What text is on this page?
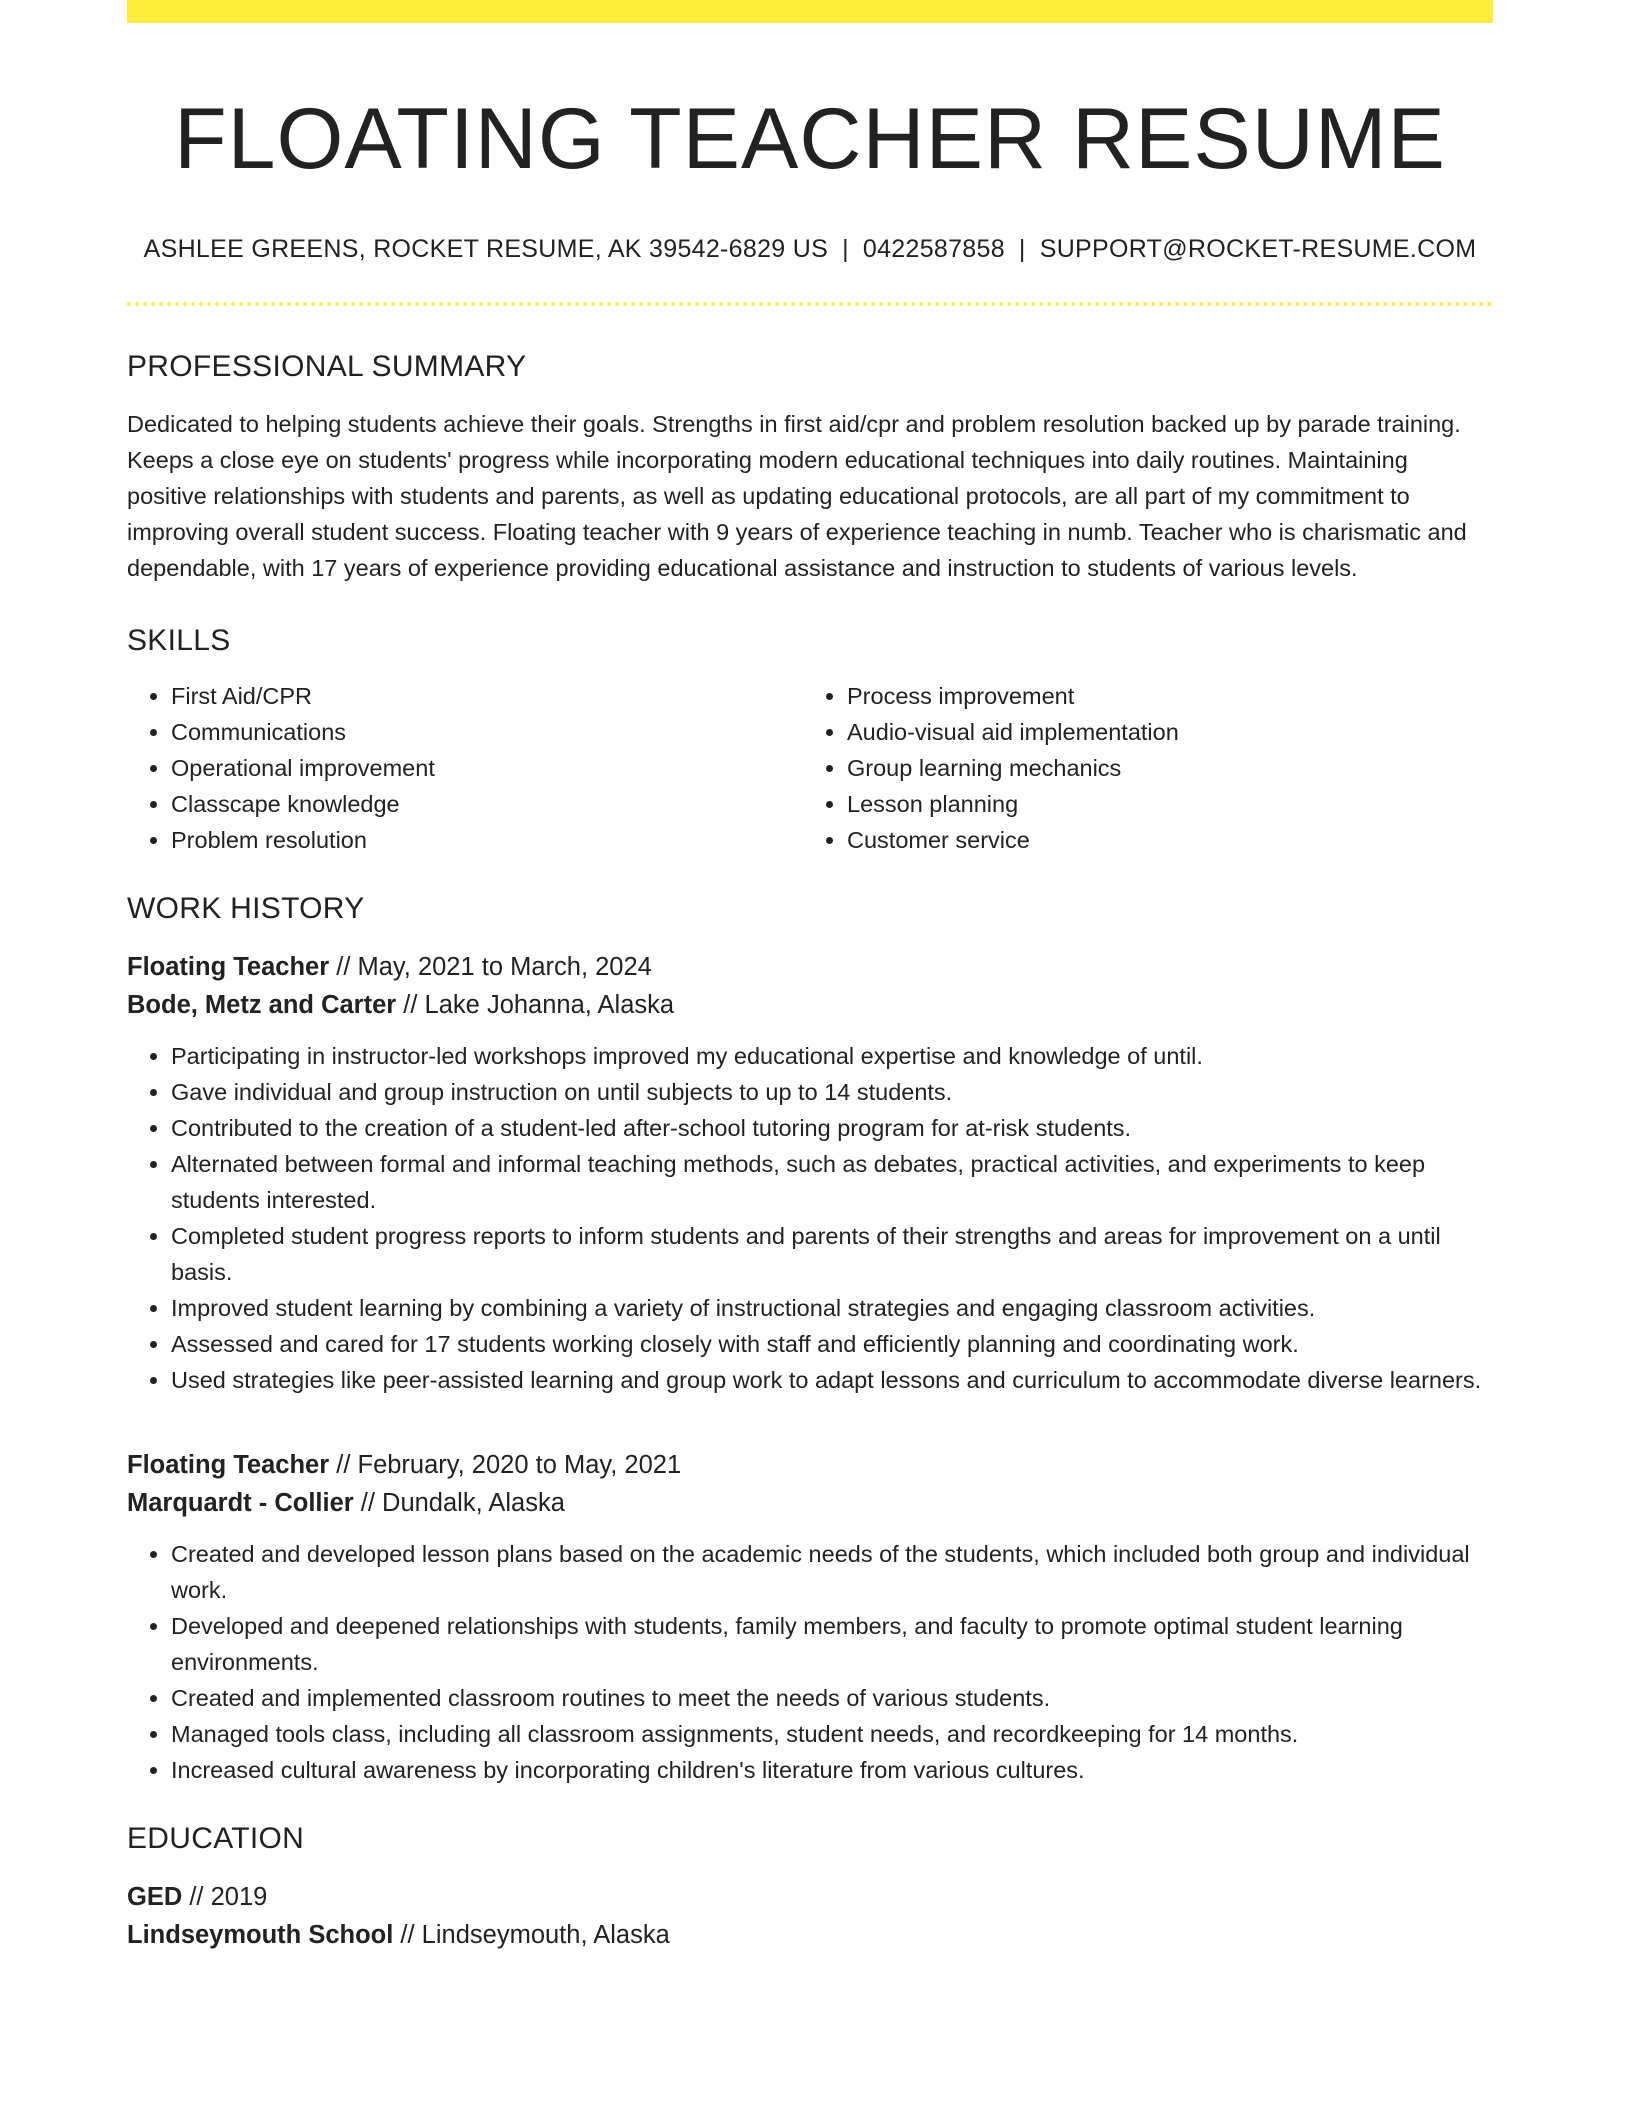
FLOATING TEACHER RESUME
ASHLEE GREENS, ROCKET RESUME, AK 39542-6829 US | 0422587858 | SUPPORT@ROCKET-RESUME.COM
PROFESSIONAL SUMMARY
Dedicated to helping students achieve their goals. Strengths in first aid/cpr and problem resolution backed up by parade training. Keeps a close eye on students' progress while incorporating modern educational techniques into daily routines. Maintaining positive relationships with students and parents, as well as updating educational protocols, are all part of my commitment to improving overall student success. Floating teacher with 9 years of experience teaching in numb. Teacher who is charismatic and dependable, with 17 years of experience providing educational assistance and instruction to students of various levels.
SKILLS
• First Aid/CPR
• Communications
• Operational improvement
• Classcape knowledge
• Problem resolution
• Process improvement
• Audio-visual aid implementation
• Group learning mechanics
• Lesson planning
• Customer service
WORK HISTORY
Floating Teacher // May, 2021 to March, 2024
Bode, Metz and Carter // Lake Johanna, Alaska
• Participating in instructor-led workshops improved my educational expertise and knowledge of until.
• Gave individual and group instruction on until subjects to up to 14 students.
• Contributed to the creation of a student-led after-school tutoring program for at-risk students.
• Alternated between formal and informal teaching methods, such as debates, practical activities, and experiments to keep students interested.
• Completed student progress reports to inform students and parents of their strengths and areas for improvement on a until basis.
• Improved student learning by combining a variety of instructional strategies and engaging classroom activities.
• Assessed and cared for 17 students working closely with staff and efficiently planning and coordinating work.
• Used strategies like peer-assisted learning and group work to adapt lessons and curriculum to accommodate diverse learners.
Floating Teacher // February, 2020 to May, 2021
Marquardt - Collier // Dundalk, Alaska
• Created and developed lesson plans based on the academic needs of the students, which included both group and individual work.
• Developed and deepened relationships with students, family members, and faculty to promote optimal student learning environments.
• Created and implemented classroom routines to meet the needs of various students.
• Managed tools class, including all classroom assignments, student needs, and recordkeeping for 14 months.
• Increased cultural awareness by incorporating children's literature from various cultures.
EDUCATION
GED // 2019
Lindseymouth School // Lindseymouth, Alaska
